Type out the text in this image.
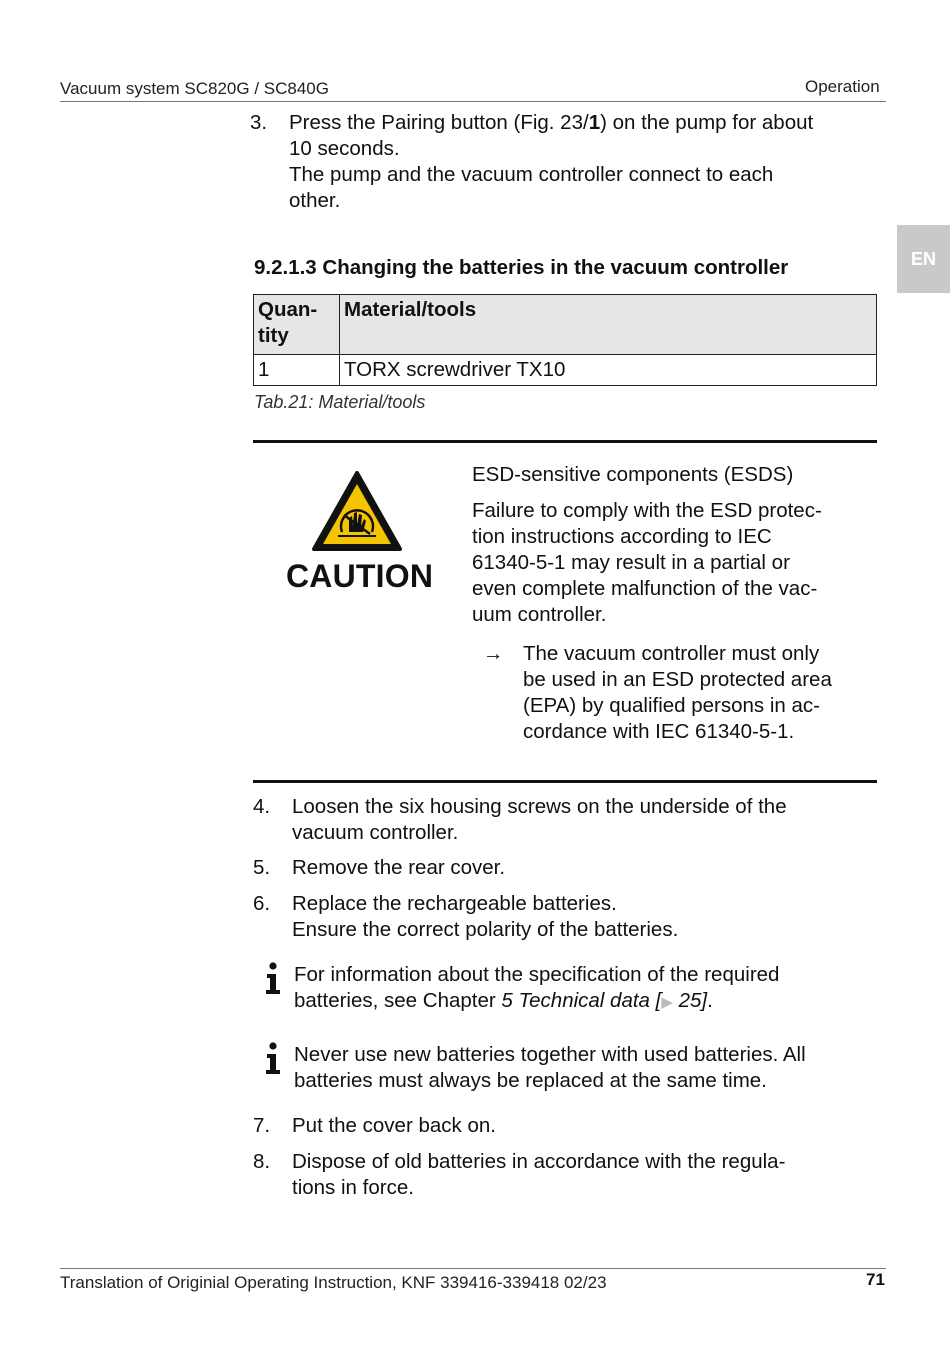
Vacuum system SC820G / SC840G	Operation
EN
3. Press the Pairing button (Fig. 23/1) on the pump for about
10 seconds.
The pump and the vacuum controller connect to each
other.
9.2.1.3 Changing the batteries in the vacuum controller
Quan-
tity	Material/tools
1	TORX screwdriver TX10
Tab.21: Material/tools
CAUTION
ESD-sensitive components (ESDS)
Failure to comply with the ESD protec-
tion instructions according to IEC
61340-5-1 may result in a partial or
even complete malfunction of the vac-
uum controller.
→ The vacuum controller must only
be used in an ESD protected area
(EPA) by qualified persons in ac-
cordance with IEC 61340-5-1.
4. Loosen the six housing screws on the underside of the
vacuum controller.
5. Remove the rear cover.
6. Replace the rechargeable batteries.
Ensure the correct polarity of the batteries.
For information about the specification of the required
batteries, see Chapter 5 Technical data [▶ 25].
Never use new batteries together with used batteries. All
batteries must always be replaced at the same time.
7. Put the cover back on.
8. Dispose of old batteries in accordance with the regula-
tions in force.
Translation of Originial Operating Instruction, KNF 339416-339418 02/23	71
